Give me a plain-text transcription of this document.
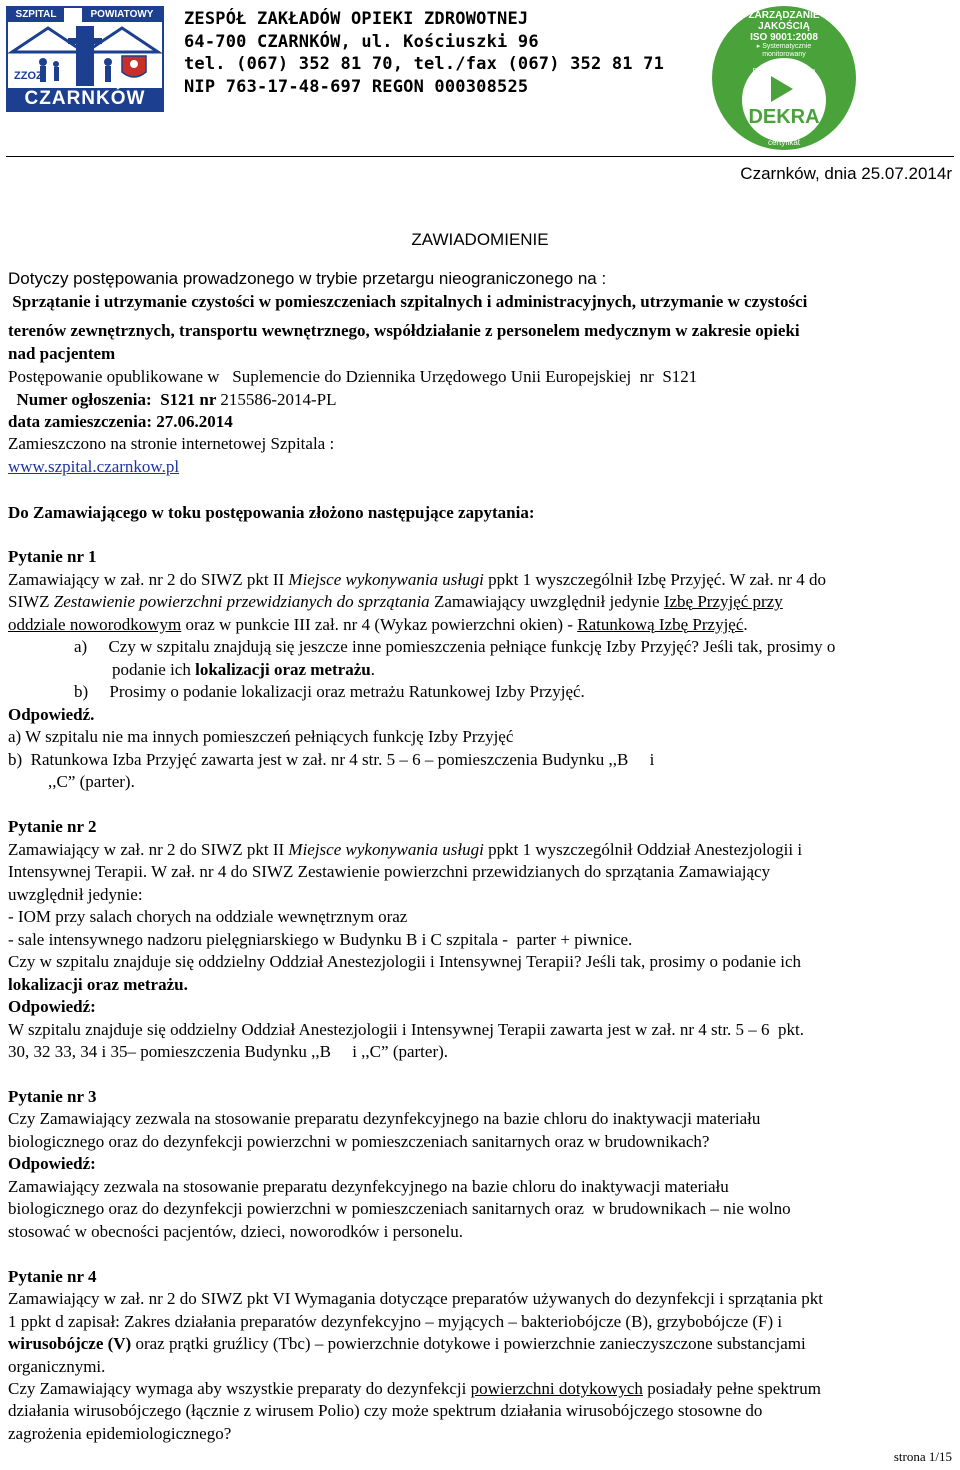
SZPITAL	POWIATOWY
ZZOZ
CZARNKÓW
ZESPÓŁ ZAKŁADÓW OPIEKI ZDROWOTNEJ
64-700 CZARNKÓW, ul. Kościuszki 96
tel. (067) 352 81 70, tel./fax (067) 352 81 71
NIP 763-17-48-697 REGON 000308525
ZARZĄDZANIE
JAKOŚCIĄ
ISO 9001:2008
▸ Systematycznie
monitorowany
DEKRA Certification
DEKRA
certyfikat
Czarnków, dnia 25.07.2014r
ZAWIADOMIENIE
Dotyczy postępowania prowadzonego w trybie przetargu nieograniczonego na :
Sprzątanie i utrzymanie czystości w pomieszczeniach szpitalnych i administracyjnych, utrzymanie w czystości
terenów zewnętrznych, transportu wewnętrznego, współdziałanie z personelem medycznym w zakresie opieki
nad pacjentem
Postępowanie opublikowane w   Suplemencie do Dziennika Urzędowego Unii Europejskiej  nr  S121
Numer ogłoszenia:  S121 nr 215586-2014-PL
data zamieszczenia: 27.06.2014
Zamieszczono na stronie internetowej Szpitala :
www.szpital.czarnkow.pl
Do Zamawiającego w toku postępowania złożono następujące zapytania:
Pytanie nr 1
Zamawiający w zał. nr 2 do SIWZ pkt II Miejsce wykonywania usługi ppkt 1 wyszczególnił Izbę Przyjęć. W zał. nr 4 do
SIWZ Zestawienie powierzchni przewidzianych do sprzątania Zamawiający uwzględnił jedynie Izbę Przyjęć przy
oddziale noworodkowym oraz w punkcie III zał. nr 4 (Wykaz powierzchni okien) - Ratunkową Izbę Przyjęć.
a)     Czy w szpitalu znajdują się jeszcze inne pomieszczenia pełniące funkcję Izby Przyjęć? Jeśli tak, prosimy o
podanie ich lokalizacji oraz metrażu.
b)     Prosimy o podanie lokalizacji oraz metrażu Ratunkowej Izby Przyjęć.
Odpowiedź.
a) W szpitalu nie ma innych pomieszczeń pełniących funkcję Izby Przyjęć
b)  Ratunkowa Izba Przyjęć zawarta jest w zał. nr 4 str. 5 – 6 – pomieszczenia Budynku ,,B     i
,,C” (parter).
Pytanie nr 2
Zamawiający w zał. nr 2 do SIWZ pkt II Miejsce wykonywania usługi ppkt 1 wyszczególnił Oddział Anestezjologii i
Intensywnej Terapii. W zał. nr 4 do SIWZ Zestawienie powierzchni przewidzianych do sprzątania Zamawiający
uwzględnił jedynie:
- IOM przy salach chorych na oddziale wewnętrznym oraz
- sale intensywnego nadzoru pielęgniarskiego w Budynku B i C szpitala -  parter + piwnice.
Czy w szpitalu znajduje się oddzielny Oddział Anestezjologii i Intensywnej Terapii? Jeśli tak, prosimy o podanie ich
lokalizacji oraz metrażu.
Odpowiedź:
W szpitalu znajduje się oddzielny Oddział Anestezjologii i Intensywnej Terapii zawarta jest w zał. nr 4 str. 5 – 6  pkt.
30, 32 33, 34 i 35– pomieszczenia Budynku ,,B     i ,,C” (parter).
Pytanie nr 3
Czy Zamawiający zezwala na stosowanie preparatu dezynfekcyjnego na bazie chloru do inaktywacji materiału
biologicznego oraz do dezynfekcji powierzchni w pomieszczeniach sanitarnych oraz w brudownikach?
Odpowiedź:
Zamawiający zezwala na stosowanie preparatu dezynfekcyjnego na bazie chloru do inaktywacji materiału
biologicznego oraz do dezynfekcji powierzchni w pomieszczeniach sanitarnych oraz  w brudownikach – nie wolno
stosować w obecności pacjentów, dzieci, noworodków i personelu.
Pytanie nr 4
Zamawiający w zał. nr 2 do SIWZ pkt VI Wymagania dotyczące preparatów używanych do dezynfekcji i sprzątania pkt
1 ppkt d zapisał: Zakres działania preparatów dezynfekcyjno – myjących – bakteriobójcze (B), grzybobójcze (F) i
wirusobójcze (V) oraz prątki gruźlicy (Tbc) – powierzchnie dotykowe i powierzchnie zanieczyszczone substancjami
organicznymi.
Czy Zamawiający wymaga aby wszystkie preparaty do dezynfekcji powierzchni dotykowych posiadały pełne spektrum
działania wirusobójczego (łącznie z wirusem Polio) czy może spektrum działania wirusobójczego stosowne do
zagrożenia epidemiologicznego?
strona 1/15
